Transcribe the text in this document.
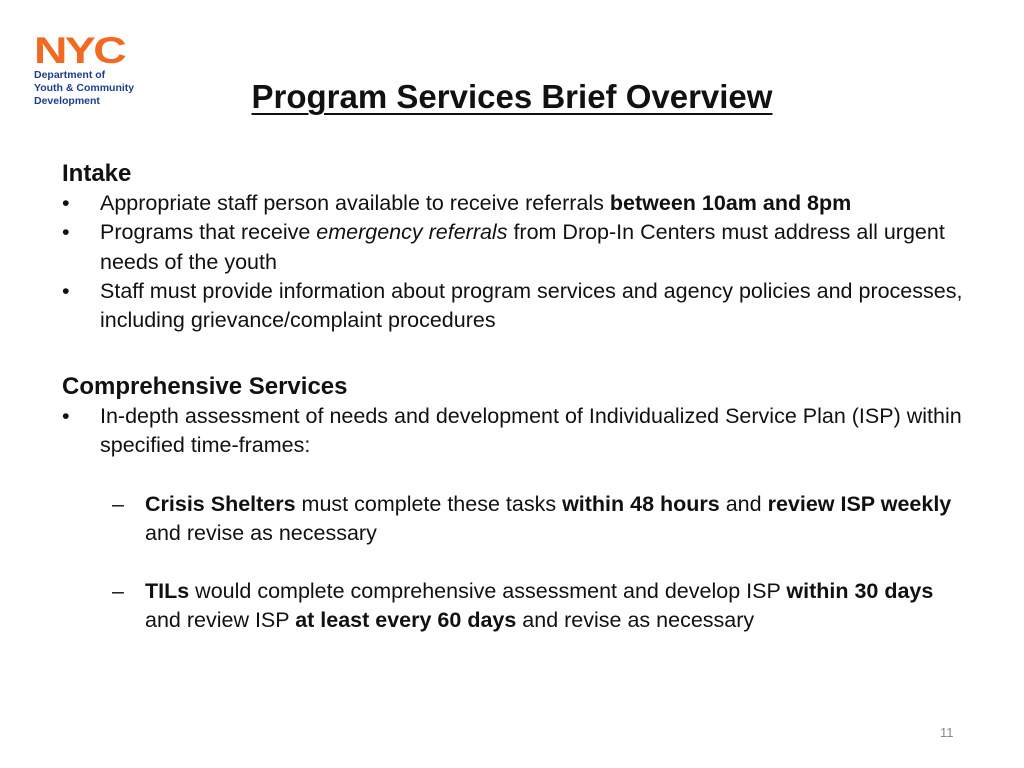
NYC
Department of
Youth & Community
Development	Program Services Brief Overview

Intake

• Appropriate staff person available to receive referrals between 10am and 8pm

• Programs that receive emergency referrals from Drop-In Centers must address all urgent needs of the youth

• Staff must provide information about program services and agency policies and processes, including grievance/complaint procedures

Comprehensive Services

• In-depth assessment of needs and development of Individualized Service Plan (ISP) within specified time-frames:

– Crisis Shelters must complete these tasks within 48 hours and review ISP weekly and revise as necessary

– TILs would complete comprehensive assessment and develop ISP within 30 days and review ISP at least every 60 days and revise as necessary

11
